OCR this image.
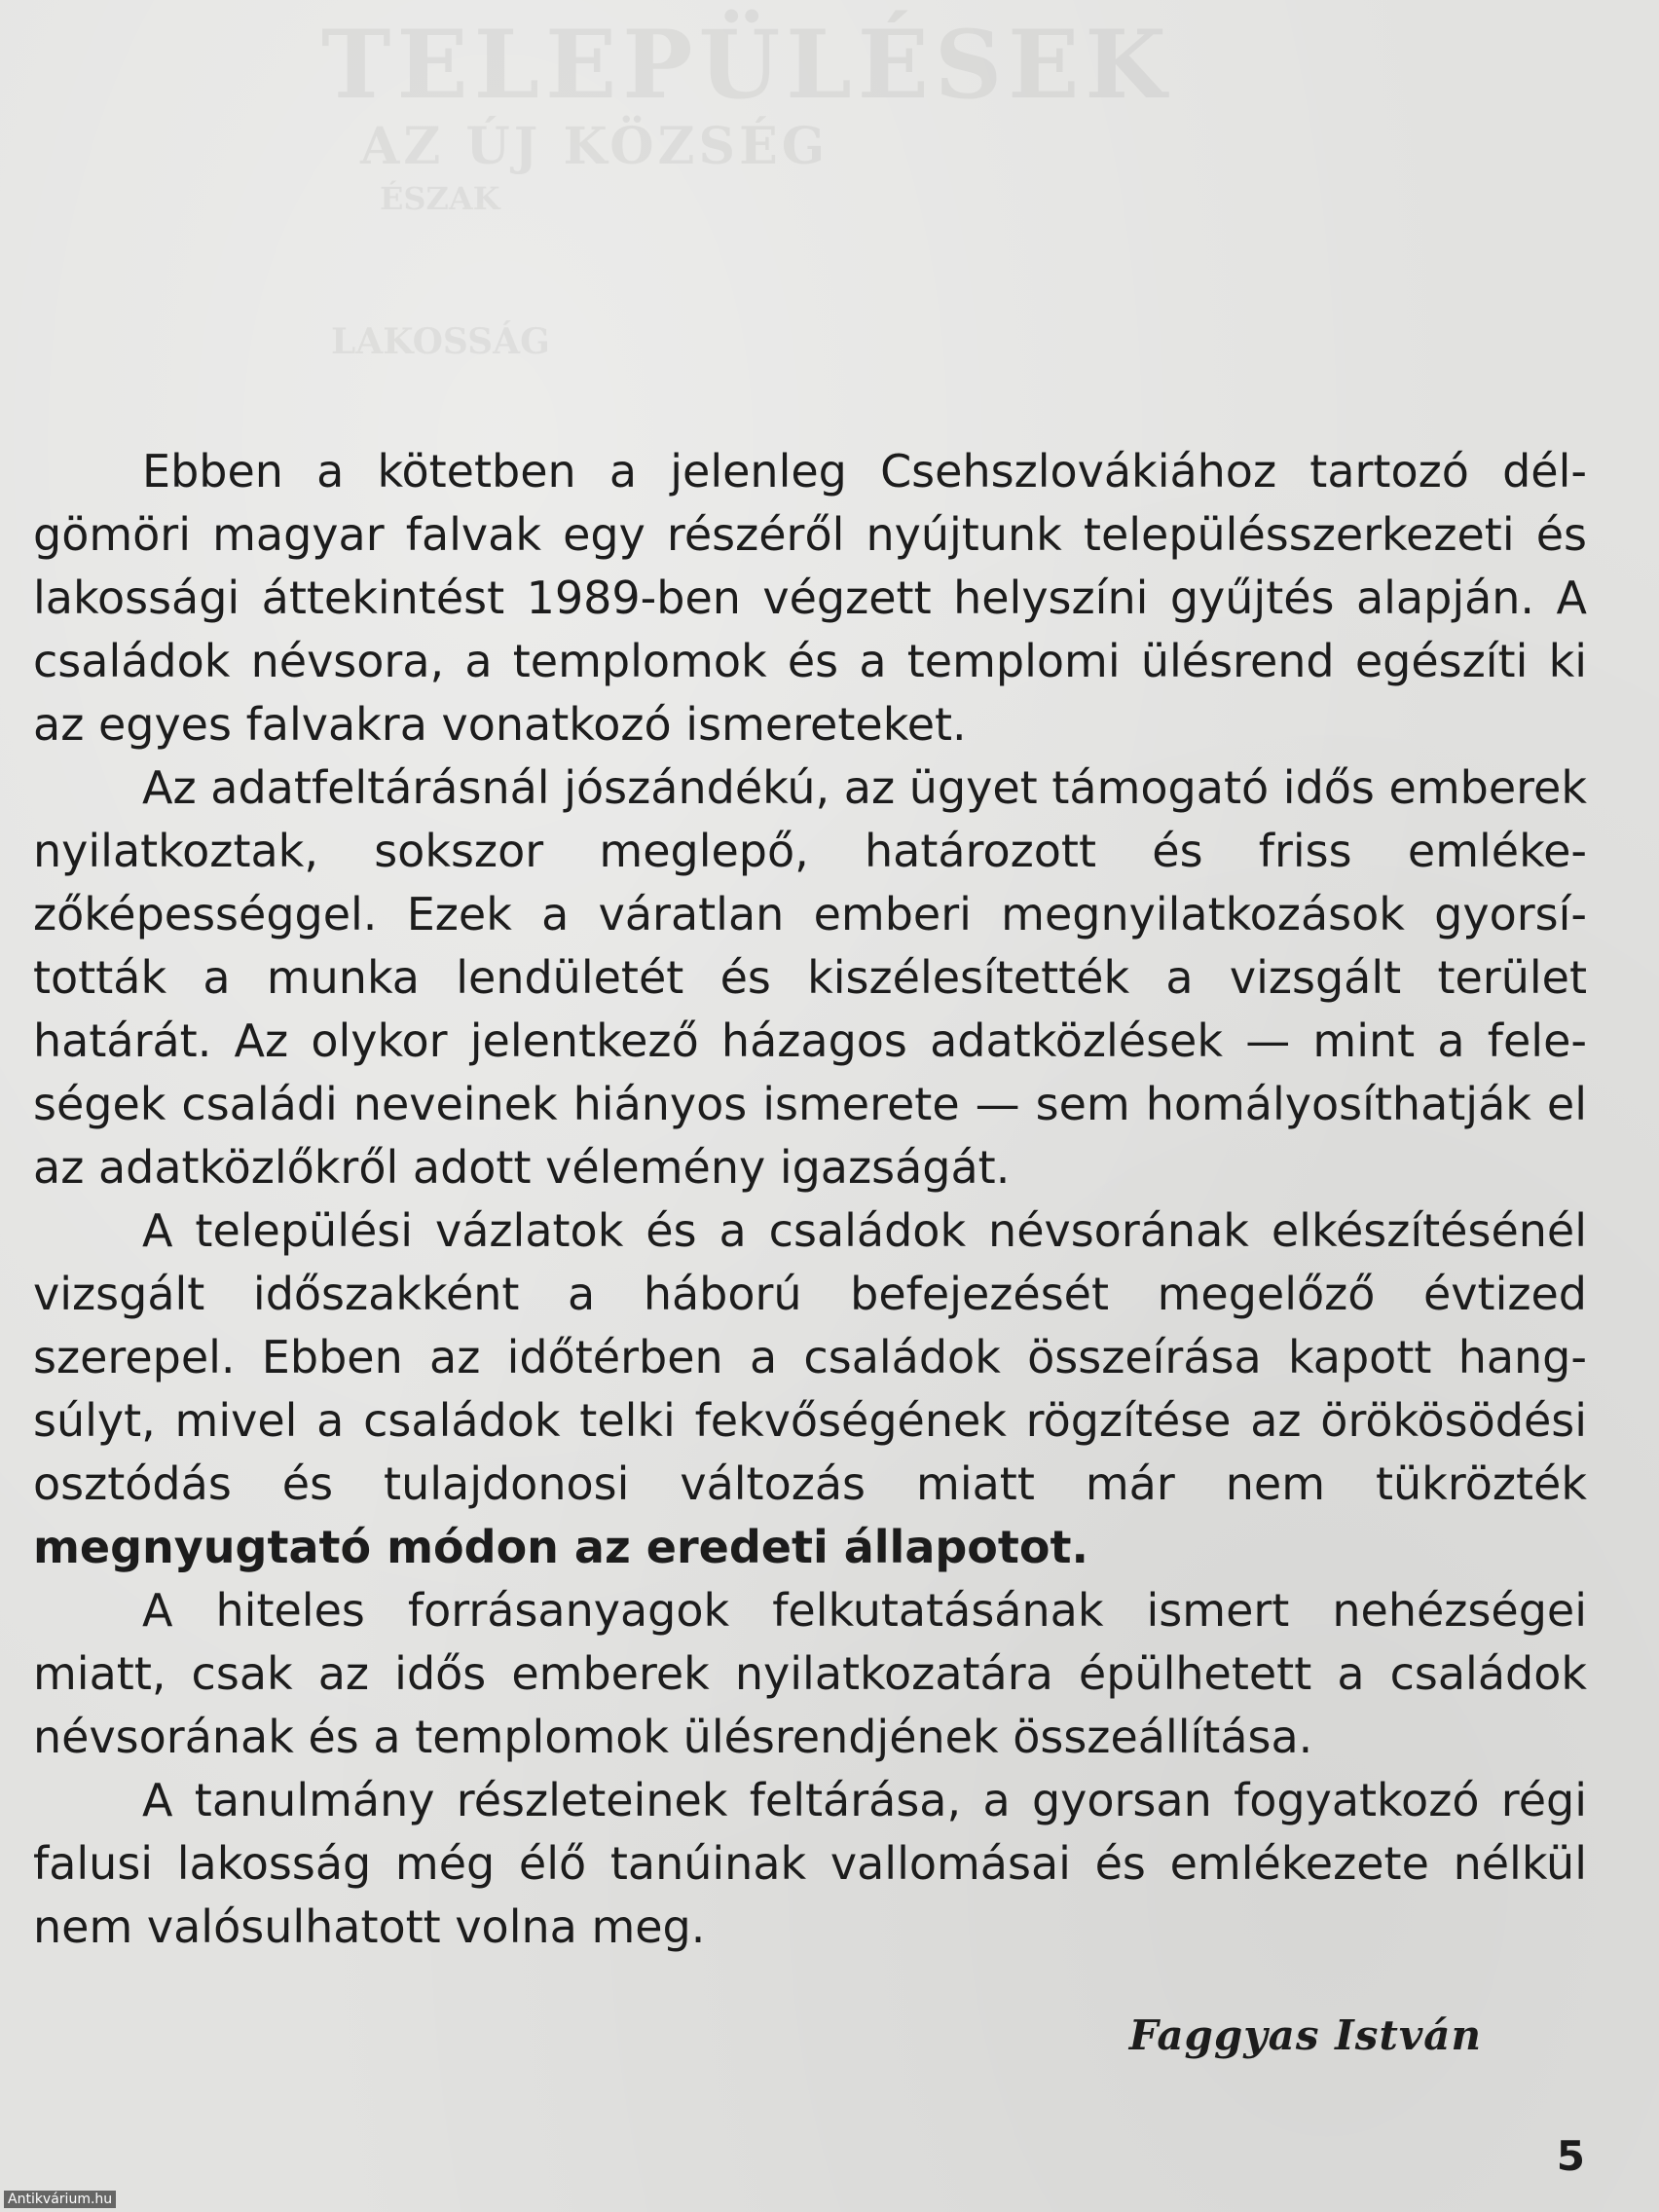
TELEPÜLÉSEK
AZ ÚJ KÖZSÉG
ÉSZAK
LAKOSSÁG

Ebben a kötetben a jelenleg Csehszlovákiához tartozó délgömöri magyar falvak egy részéről nyújtunk településszerkezeti és lakossági áttekintést 1989-ben végzett helyszíni gyűjtés alapján. A családok névsora, a templomok és a templomi ülésrend egészíti ki az egyes falvakra vonatkozó ismereteket.

Az adatfeltárásnál jószándékú, az ügyet támogató idős emberek nyilatkoztak, sokszor meglepő, határozott és friss emlékezőképességgel. Ezek a váratlan emberi megnyilatkozások gyorsították a munka lendületét és kiszélesítették a vizsgált terület határát. Az olykor jelentkező házagos adatközlések — mint a feleségek családi neveinek hiányos ismerete — sem homályosíthatják el az adatközlőkről adott vélemény igazságát.

A települési vázlatok és a családok névsorának elkészítésénél vizsgált időszakként a háború befejezését megelőző évtized szerepel. Ebben az időtérben a családok összeírása kapott hangsúlyt, mivel a családok telki fekvőségének rögzítése az örökösödési osztódás és tulajdonosi változás miatt már nem tükrözték megnyugtató módon az eredeti állapotot.

A hiteles forrásanyagok felkutatásának ismert nehézségei miatt, csak az idős emberek nyilatkozatára épülhetett a családok névsorának és a templomok ülésrendjének összeállítása.

A tanulmány részleteinek feltárása, a gyorsan fogyatkozó régi falusi lakosság még élő tanúinak vallomásai és emlékezete nélkül nem valósulhatott volna meg.

Faggyas István
5
Antikvárium.hu
